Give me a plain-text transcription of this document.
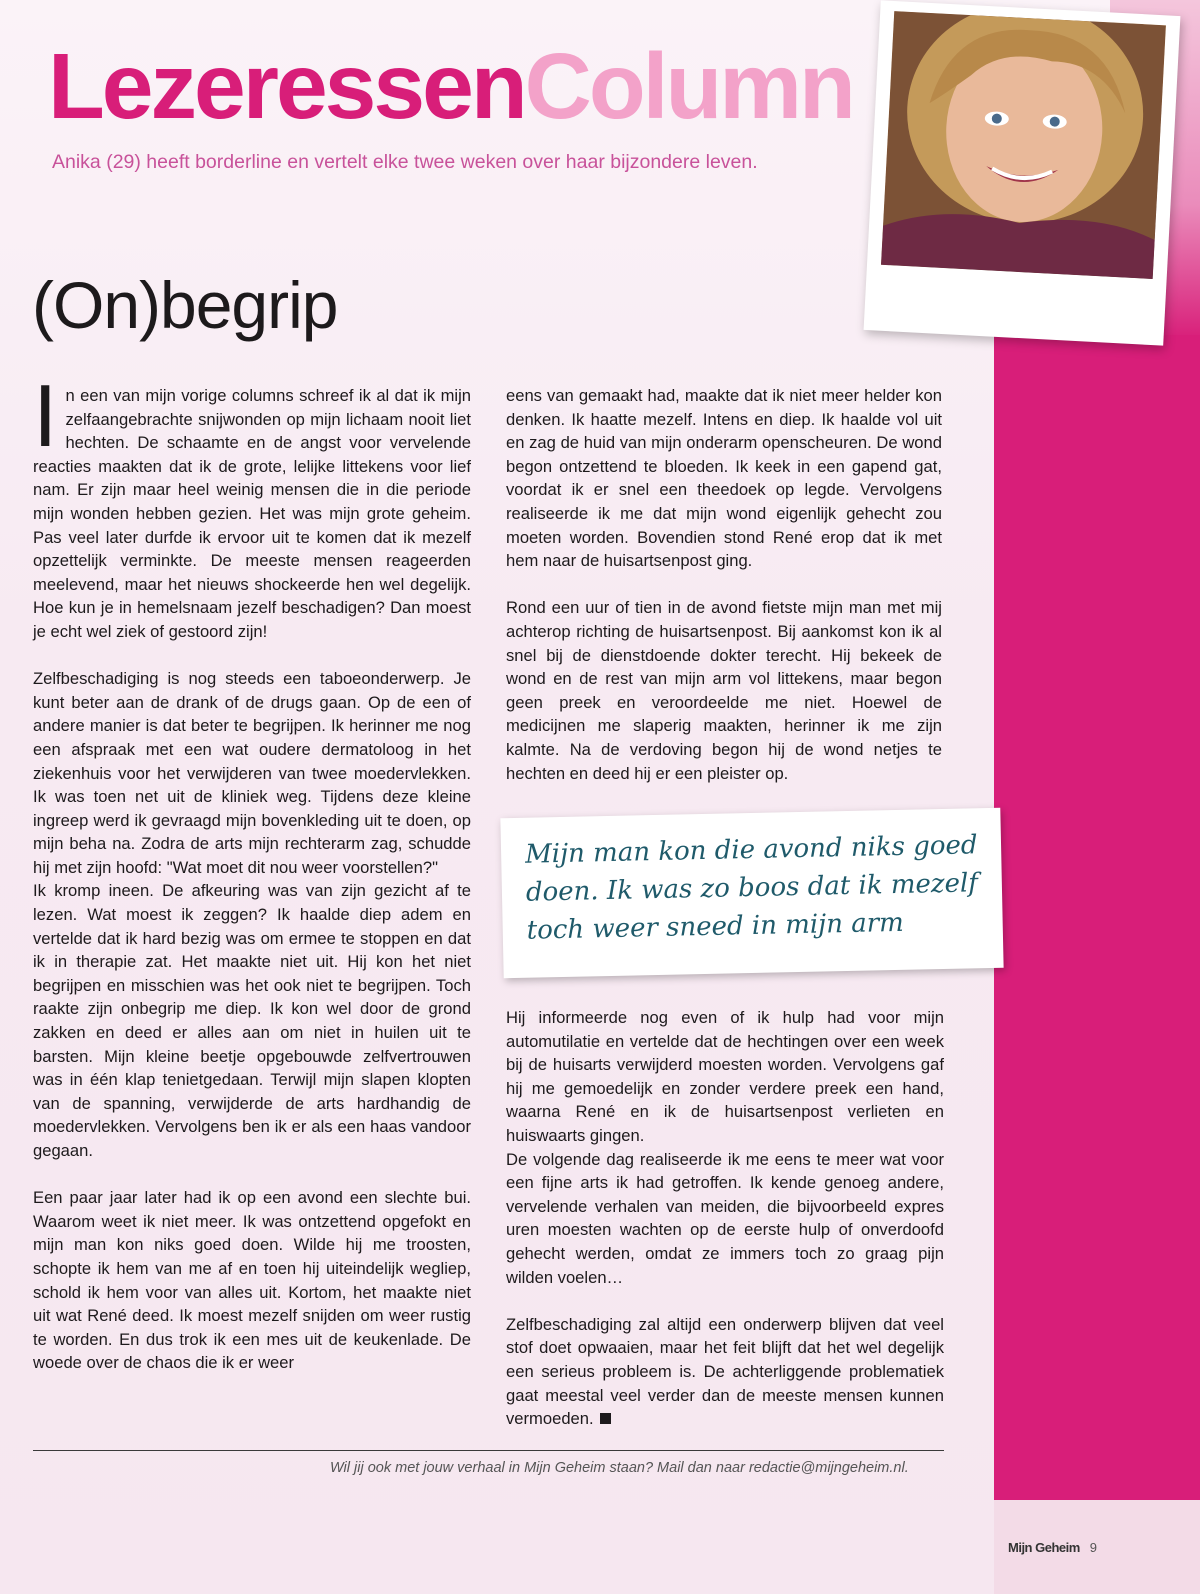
LezeressenColumn

Anika (29) heeft borderline en vertelt elke twee weken over haar bijzondere leven.

(On)begrip

In een van mijn vorige columns schreef ik al dat ik mijn zelfaangebrachte snijwonden op mijn lichaam nooit liet hechten. De schaamte en de angst voor vervelende reacties maakten dat ik de grote, lelijke littekens voor lief nam. Er zijn maar heel weinig mensen die in die periode mijn wonden hebben gezien. Het was mijn grote geheim. Pas veel later durfde ik ervoor uit te komen dat ik mezelf opzettelijk verminkte. De meeste mensen reageerden meelevend, maar het nieuws shockeerde hen wel degelijk. Hoe kun je in hemelsnaam jezelf beschadigen? Dan moest je echt wel ziek of gestoord zijn!

Zelfbeschadiging is nog steeds een taboeonderwerp. Je kunt beter aan de drank of de drugs gaan. Op de een of andere manier is dat beter te begrijpen. Ik herinner me nog een afspraak met een wat oudere dermatoloog in het ziekenhuis voor het verwijderen van twee moedervlekken. Ik was toen net uit de kliniek weg. Tijdens deze kleine ingreep werd ik gevraagd mijn bovenkleding uit te doen, op mijn beha na. Zodra de arts mijn rechterarm zag, schudde hij met zijn hoofd: "Wat moet dit nou weer voorstellen?"

Ik kromp ineen. De afkeuring was van zijn gezicht af te lezen. Wat moest ik zeggen? Ik haalde diep adem en vertelde dat ik hard bezig was om ermee te stoppen en dat ik in therapie zat. Het maakte niet uit. Hij kon het niet begrijpen en misschien was het ook niet te begrijpen. Toch raakte zijn onbegrip me diep. Ik kon wel door de grond zakken en deed er alles aan om niet in huilen uit te barsten. Mijn kleine beetje opgebouwde zelfvertrouwen was in één klap tenietgedaan. Terwijl mijn slapen klopten van de spanning, verwijderde de arts hardhandig de moedervlekken. Vervolgens ben ik er als een haas vandoor gegaan.

Een paar jaar later had ik op een avond een slechte bui. Waarom weet ik niet meer. Ik was ontzettend opgefokt en mijn man kon niks goed doen. Wilde hij me troosten, schopte ik hem van me af en toen hij uiteindelijk wegliep, schold ik hem voor van alles uit. Kortom, het maakte niet uit wat René deed. Ik moest mezelf snijden om weer rustig te worden. En dus trok ik een mes uit de keukenlade. De woede over de chaos die ik er weer

eens van gemaakt had, maakte dat ik niet meer helder kon denken. Ik haatte mezelf. Intens en diep. Ik haalde vol uit en zag de huid van mijn onderarm openscheuren. De wond begon ontzettend te bloeden. Ik keek in een gapend gat, voordat ik er snel een theedoek op legde. Vervolgens realiseerde ik me dat mijn wond eigenlijk gehecht zou moeten worden. Bovendien stond René erop dat ik met hem naar de huisartsenpost ging.

Rond een uur of tien in de avond fietste mijn man met mij achterop richting de huisartsenpost. Bij aankomst kon ik al snel bij de dienstdoende dokter terecht. Hij bekeek de wond en de rest van mijn arm vol littekens, maar begon geen preek en veroordeelde me niet. Hoewel de medicijnen me slaperig maakten, herinner ik me zijn kalmte. Na de verdoving begon hij de wond netjes te hechten en deed hij er een pleister op.

Mijn man kon die avond niks goed doen. Ik was zo boos dat ik mezelf toch weer sneed in mijn arm

Hij informeerde nog even of ik hulp had voor mijn automutilatie en vertelde dat de hechtingen over een week bij de huisarts verwijderd moesten worden. Vervolgens gaf hij me gemoedelijk en zonder verdere preek een hand, waarna René en ik de huisartsenpost verlieten en huiswaarts gingen.

De volgende dag realiseerde ik me eens te meer wat voor een fijne arts ik had getroffen. Ik kende genoeg andere, vervelende verhalen van meiden, die bijvoorbeeld expres uren moesten wachten op de eerste hulp of onverdoofd gehecht werden, omdat ze immers toch zo graag pijn wilden voelen…

Zelfbeschadiging zal altijd een onderwerp blijven dat veel stof doet opwaaien, maar het feit blijft dat het wel degelijk een serieus probleem is. De achterliggende problematiek gaat meestal veel verder dan de meeste mensen kunnen vermoeden.

Wil jij ook met jouw verhaal in Mijn Geheim staan? Mail dan naar redactie@mijngeheim.nl.

Mijn Geheim 9
